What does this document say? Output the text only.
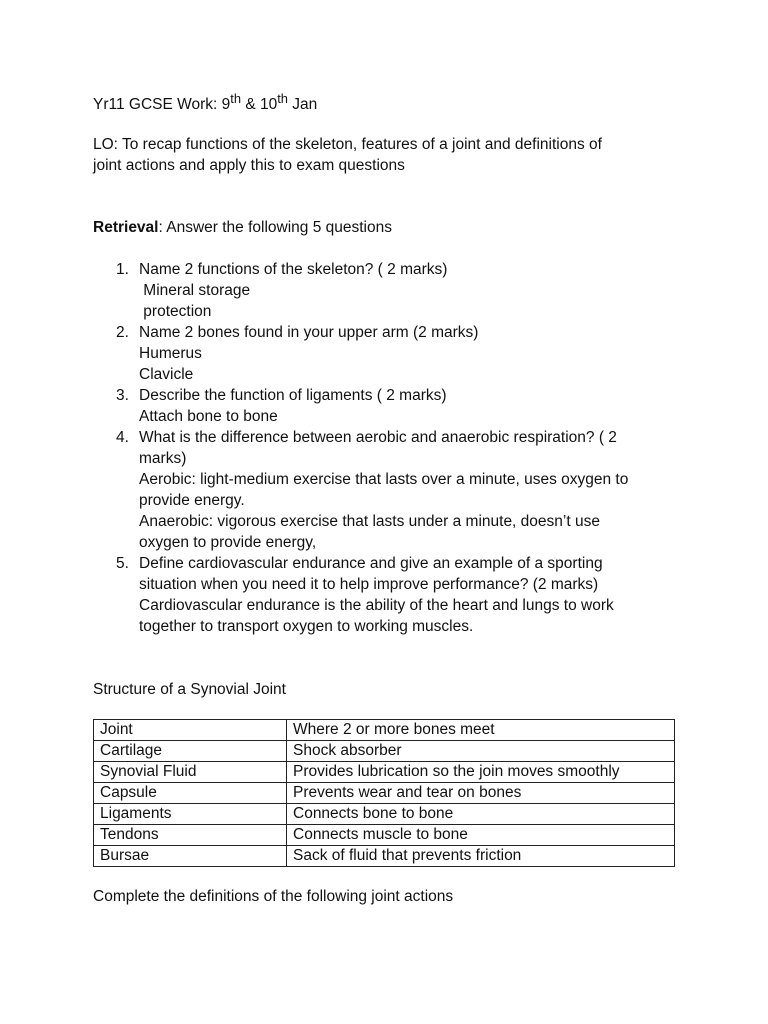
Yr11 GCSE Work: 9th & 10th Jan

LO: To recap functions of the skeleton, features of a joint and definitions of

joint actions and apply this to exam questions

Retrieval: Answer the following 5 questions

1. Name 2 functions of the skeleton? ( 2 marks)
Mineral storage
protection
2. Name 2 bones found in your upper arm (2 marks)
Humerus
Clavicle
3. Describe the function of ligaments ( 2 marks)
Attach bone to bone
4. What is the difference between aerobic and anaerobic respiration? ( 2
marks)
Aerobic: light-medium exercise that lasts over a minute, uses oxygen to
provide energy.
Anaerobic: vigorous exercise that lasts under a minute, doesn’t use
oxygen to provide energy,
5. Define cardiovascular endurance and give an example of a sporting
situation when you need it to help improve performance? (2 marks)
Cardiovascular endurance is the ability of the heart and lungs to work
together to transport oxygen to working muscles.

Structure of a Synovial Joint

Joint	Where 2 or more bones meet
Cartilage	Shock absorber
Synovial Fluid	Provides lubrication so the join moves smoothly
Capsule	Prevents wear and tear on bones
Ligaments	Connects bone to bone
Tendons	Connects muscle to bone
Bursae	Sack of fluid that prevents friction

Complete the definitions of the following joint actions
